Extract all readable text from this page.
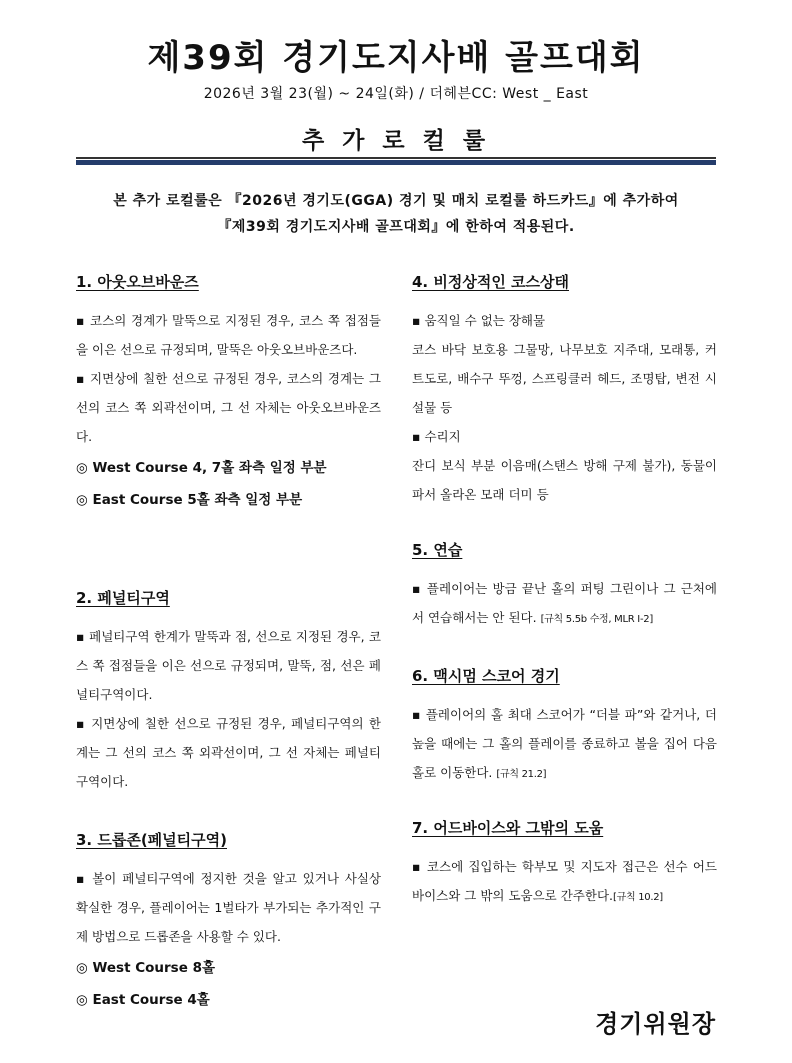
제39회 경기도지사배 골프대회
2026년 3월 23(월) ~ 24일(화) / 더헤븐CC: West _ East
추 가 로 컬 룰
본 추가 로컬룰은 『2026년 경기도(GGA) 경기 및 매치 로컬룰 하드카드』에 추가하여
『제39회 경기도지사배 골프대회』에 한하여 적용된다.
1. 아웃오브바운즈

▪ 코스의 경계가 말뚝으로 지정된 경우, 코스 쪽 접점들을 이은 선으로 규정되며, 말뚝은 아웃오브바운즈다.

▪ 지면상에 칠한 선으로 규정된 경우, 코스의 경계는 그 선의 코스 쪽 외곽선이며, 그 선 자체는 아웃오브바운즈다.

◎ West Course 4, 7홀 좌측 일정 부분
◎ East Course 5홀 좌측 일정 부분
2. 페널티구역

▪ 페널티구역 한계가 말뚝과 점, 선으로 지정된 경우, 코스 쪽 접점들을 이은 선으로 규정되며, 말뚝, 점, 선은 페널티구역이다.

▪ 지면상에 칠한 선으로 규정된 경우, 페널티구역의 한계는 그 선의 코스 쪽 외곽선이며, 그 선 자체는 페널티구역이다.

3. 드롭존(페널티구역)

▪ 볼이 페널티구역에 정지한 것을 알고 있거나 사실상 확실한 경우, 플레이어는 1벌타가 부가되는 추가적인 구제 방법으로 드롭존을 사용할 수 있다.

◎ West Course 8홀
◎ East Course 4홀
4. 비정상적인 코스상태

▪ 움직일 수 없는 장해물

코스 바닥 보호용 그물망, 나무보호 지주대, 모래통, 커트도로, 배수구 뚜껑, 스프링클러 헤드, 조명탑, 변전 시설물 등

▪ 수리지

잔디 보식 부분 이음매(스탠스 방해 구제 불가), 동물이 파서 올라온 모래 더미 등

5. 연습

▪ 플레이어는 방금 끝난 홀의 퍼팅 그린이나 그 근처에서 연습해서는 안 된다. [규칙 5.5b 수정, MLR I-2]

6. 맥시멈 스코어 경기

▪ 플레이어의 홀 최대 스코어가 “더블 파”와 같거나, 더 높을 때에는 그 홀의 플레이를 종료하고 볼을 집어 다음 홀로 이동한다. [규칙 21.2]

7. 어드바이스와 그밖의 도움

▪ 코스에 집입하는 학부모 및 지도자 접근은 선수 어드바이스와 그 밖의 도움으로 간주한다.[규칙 10.2]

경기위원장
